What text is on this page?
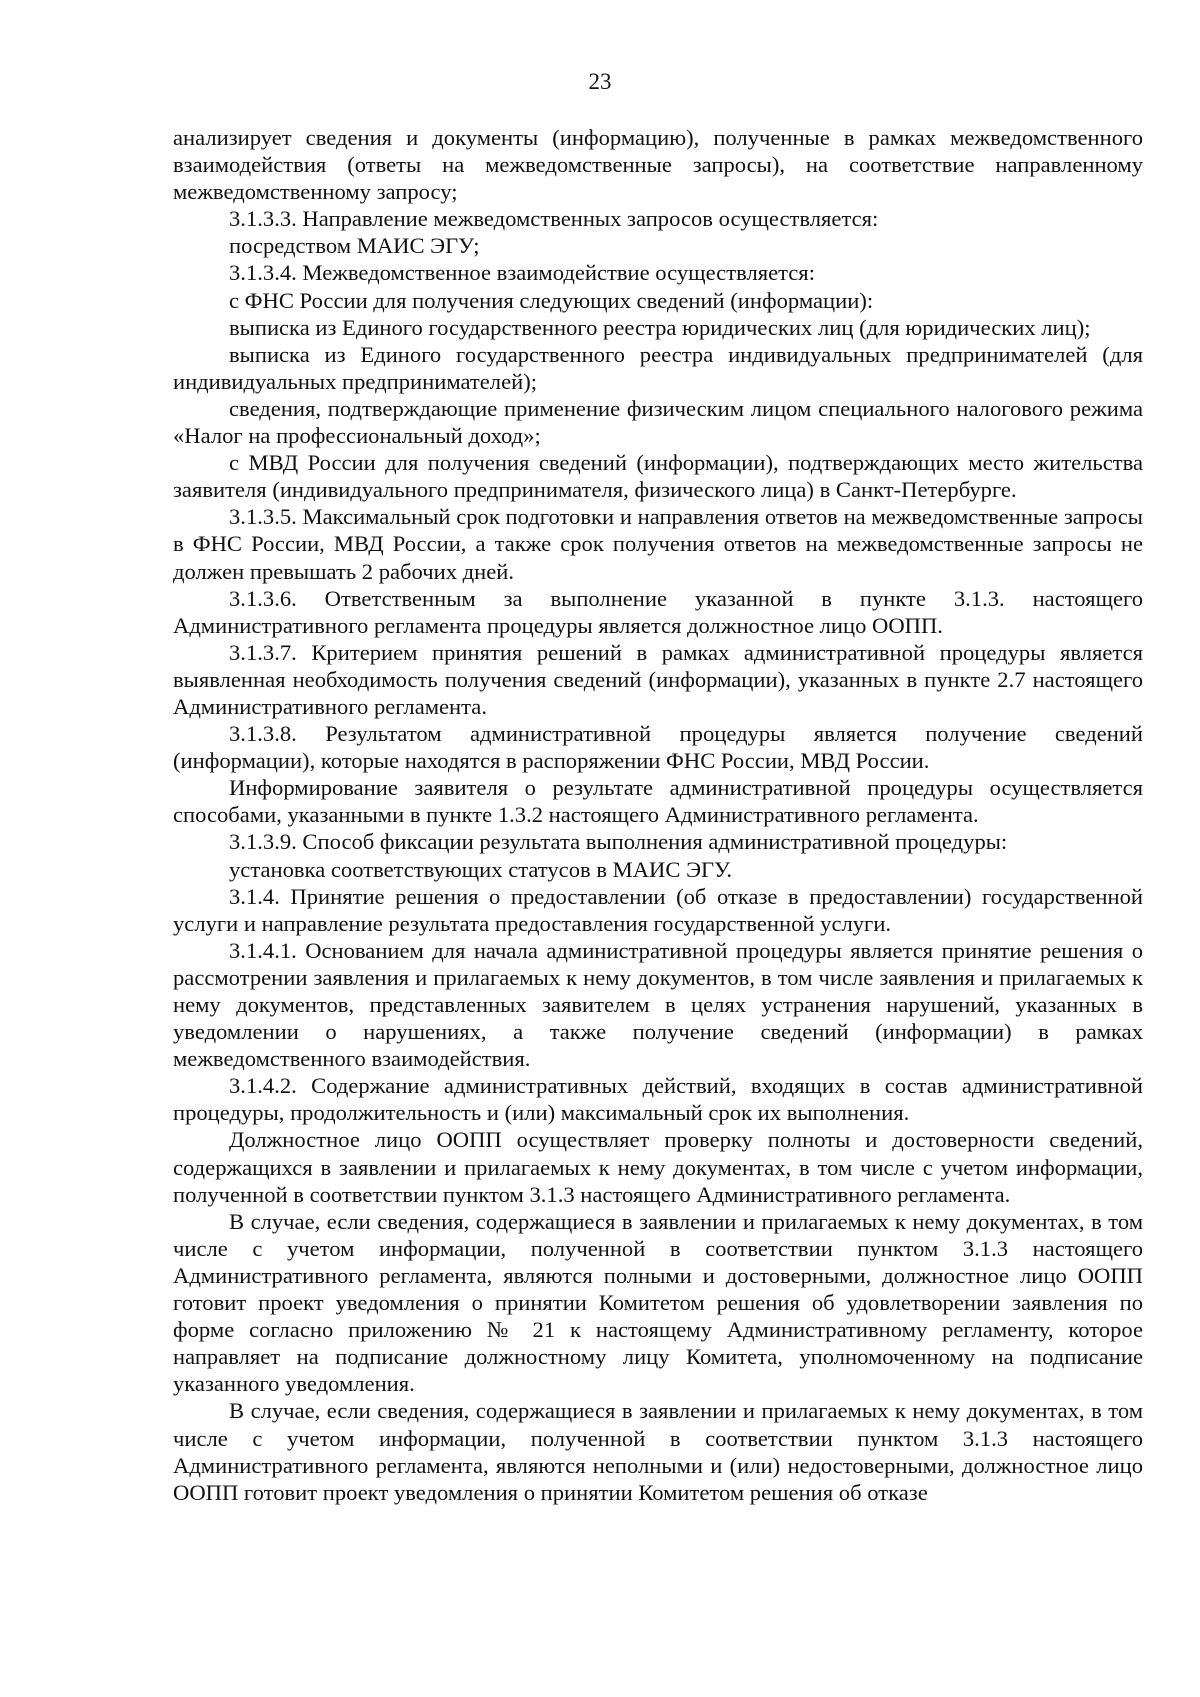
23

анализирует сведения и документы (информацию), полученные в рамках межведомственного взаимодействия (ответы на межведомственные запросы), на соответствие направленному межведомственному запросу;

3.1.3.3. Направление межведомственных запросов осуществляется:

посредством МАИС ЭГУ;

3.1.3.4. Межведомственное взаимодействие осуществляется:

с ФНС России для получения следующих сведений (информации):

выписка из Единого государственного реестра юридических лиц (для юридических лиц);

выписка из Единого государственного реестра индивидуальных предпринимателей (для индивидуальных предпринимателей);

сведения, подтверждающие применение физическим лицом специального налогового режима «Налог на профессиональный доход»;

с МВД России для получения сведений (информации), подтверждающих место жительства заявителя (индивидуального предпринимателя, физического лица) в Санкт-Петербурге.

3.1.3.5. Максимальный срок подготовки и направления ответов на межведомственные запросы в ФНС России, МВД России, а также срок получения ответов на межведомственные запросы не должен превышать 2 рабочих дней.

3.1.3.6. Ответственным за выполнение указанной в пункте 3.1.3. настоящего Административного регламента процедуры является должностное лицо ООПП.

3.1.3.7. Критерием принятия решений в рамках административной процедуры является выявленная необходимость получения сведений (информации), указанных в пункте 2.7 настоящего Административного регламента.

3.1.3.8. Результатом административной процедуры является получение сведений (информации), которые находятся в распоряжении ФНС России, МВД России.

Информирование заявителя о результате административной процедуры осуществляется способами, указанными в пункте 1.3.2 настоящего Административного регламента.

3.1.3.9. Способ фиксации результата выполнения административной процедуры:

установка соответствующих статусов в МАИС ЭГУ.

3.1.4. Принятие решения о предоставлении (об отказе в предоставлении) государственной услуги и направление результата предоставления государственной услуги.

3.1.4.1. Основанием для начала административной процедуры является принятие решения о рассмотрении заявления и прилагаемых к нему документов, в том числе заявления и прилагаемых к нему документов, представленных заявителем в целях устранения нарушений, указанных в уведомлении о нарушениях, а также получение сведений (информации) в рамках межведомственного взаимодействия.

3.1.4.2. Содержание административных действий, входящих в состав административной процедуры, продолжительность и (или) максимальный срок их выполнения.

Должностное лицо ООПП осуществляет проверку полноты и достоверности сведений, содержащихся в заявлении и прилагаемых к нему документах, в том числе с учетом информации, полученной в соответствии пунктом 3.1.3 настоящего Административного регламента.

В случае, если сведения, содержащиеся в заявлении и прилагаемых к нему документах, в том числе с учетом информации, полученной в соответствии пунктом 3.1.3 настоящего Административного регламента, являются полными и достоверными, должностное лицо ООПП готовит проект уведомления о принятии Комитетом решения об удовлетворении заявления по форме согласно приложению № 21 к настоящему Административному регламенту, которое направляет на подписание должностному лицу Комитета, уполномоченному на подписание указанного уведомления.

В случае, если сведения, содержащиеся в заявлении и прилагаемых к нему документах, в том числе с учетом информации, полученной в соответствии пунктом 3.1.3 настоящего Административного регламента, являются неполными и (или) недостоверными, должностное лицо ООПП готовит проект уведомления о принятии Комитетом решения об отказе
